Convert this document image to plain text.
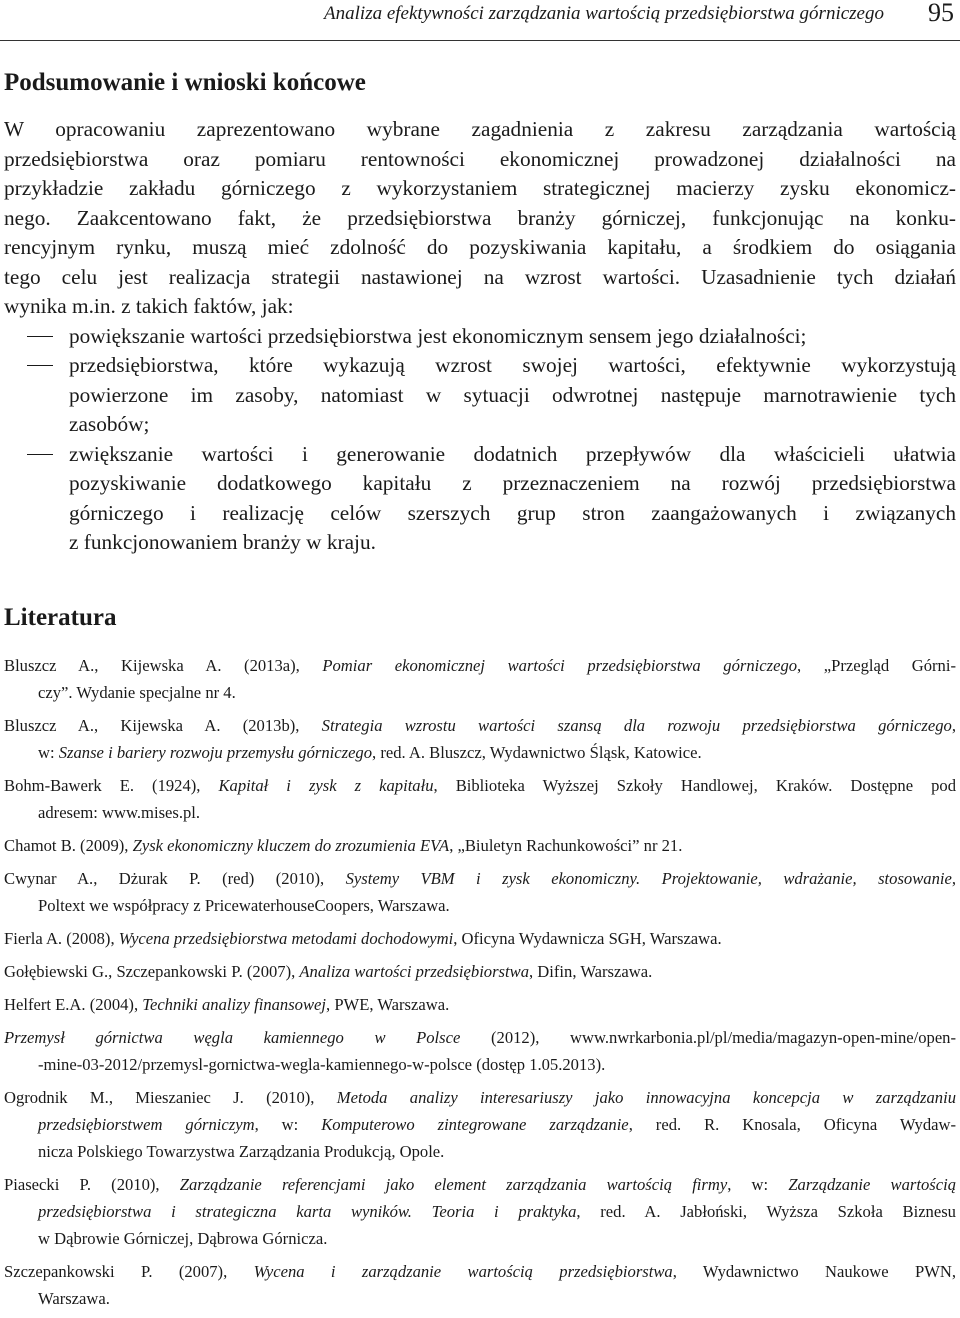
Analiza efektywności zarządzania wartością przedsiębiorstwa górniczego 95
Podsumowanie i wnioski końcowe
W opracowaniu zaprezentowano wybrane zagadnienia z zakresu zarządzania wartością
przedsiębiorstwa oraz pomiaru rentowności ekonomicznej prowadzonej działalności na
przykładzie zakładu górniczego z wykorzystaniem strategicznej macierzy zysku ekonomicz-
nego. Zaakcentowano fakt, że przedsiębiorstwa branży górniczej, funkcjonując na konku-
rencyjnym rynku, muszą mieć zdolność do pozyskiwania kapitału, a środkiem do osiągania
tego celu jest realizacja strategii nastawionej na wzrost wartości. Uzasadnienie tych działań
wynika m.in. z takich faktów, jak:
powiększanie wartości przedsiębiorstwa jest ekonomicznym sensem jego działalności;
przedsiębiorstwa, które wykazują wzrost swojej wartości, efektywnie wykorzystują
powierzone im zasoby, natomiast w sytuacji odwrotnej następuje marnotrawienie tych
zasobów;
zwiększanie wartości i generowanie dodatnich przepływów dla właścicieli ułatwia
pozyskiwanie dodatkowego kapitału z przeznaczeniem na rozwój przedsiębiorstwa
górniczego i realizację celów szerszych grup stron zaangażowanych i związanych
z funkcjonowaniem branży w kraju.
Literatura
Bluszcz A., Kijewska A. (2013a), Pomiar ekonomicznej wartości przedsiębiorstwa górniczego, „Przegląd Górni-
czy”. Wydanie specjalne nr 4.
Bluszcz A., Kijewska A. (2013b), Strategia wzrostu wartości szansą dla rozwoju przedsiębiorstwa górniczego,
w: Szanse i bariery rozwoju przemysłu górniczego, red. A. Bluszcz, Wydawnictwo Śląsk, Katowice.
Bohm-Bawerk E. (1924), Kapitał i zysk z kapitału, Biblioteka Wyższej Szkoły Handlowej, Kraków. Dostępne pod
adresem: www.mises.pl.
Chamot B. (2009), Zysk ekonomiczny kluczem do zrozumienia EVA, „Biuletyn Rachunkowości” nr 21.
Cwynar A., Dżurak P. (red) (2010), Systemy VBM i zysk ekonomiczny. Projektowanie, wdrażanie, stosowanie,
Poltext we współpracy z PricewaterhouseCoopers, Warszawa.
Fierla A. (2008), Wycena przedsiębiorstwa metodami dochodowymi, Oficyna Wydawnicza SGH, Warszawa.
Gołębiewski G., Szczepankowski P. (2007), Analiza wartości przedsiębiorstwa, Difin, Warszawa.
Helfert E.A. (2004), Techniki analizy finansowej, PWE, Warszawa.
Przemysł górnictwa węgla kamiennego w Polsce (2012), www.nwrkarbonia.pl/pl/media/magazyn-open-mine/open-
-mine-03-2012/przemysl-gornictwa-wegla-kamiennego-w-polsce (dostęp 1.05.2013).
Ogrodnik M., Mieszaniec J. (2010), Metoda analizy interesariuszy jako innowacyjna koncepcja w zarządzaniu
przedsiębiorstwem górniczym, w: Komputerowo zintegrowane zarządzanie, red. R. Knosala, Oficyna Wydaw-
nicza Polskiego Towarzystwa Zarządzania Produkcją, Opole.
Piasecki P. (2010), Zarządzanie referencjami jako element zarządzania wartością firmy, w: Zarządzanie wartością
przedsiębiorstwa i strategiczna karta wyników. Teoria i praktyka, red. A. Jabłoński, Wyższa Szkoła Biznesu
w Dąbrowie Górniczej, Dąbrowa Górnicza.
Szczepankowski P. (2007), Wycena i zarządzanie wartością przedsiębiorstwa, Wydawnictwo Naukowe PWN,
Warszawa.
